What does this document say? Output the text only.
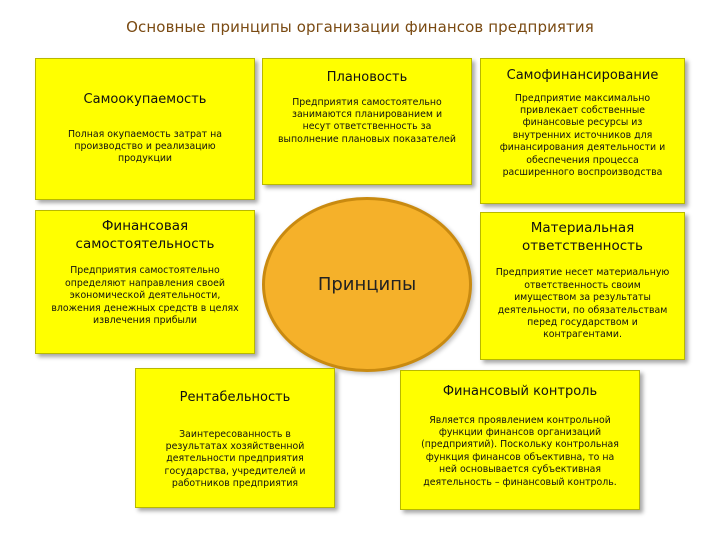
Основные принципы организации финансов предприятия
Самоокупаемость
Полная окупаемость затрат на производство и реализацию продукции
Плановость
Предприятия самостоятельно занимаются планированием и несут ответственность за выполнение плановых показателей
Самофинансирование
Предприятие максимально привлекает собственные финансовые ресурсы из внутренних источников для финансирования деятельности и обеспечения процесса расширенного воспроизводства
Финансовая самостоятельность
Предприятия самостоятельно определяют направления своей экономической деятельности, вложения денежных средств в целях извлечения прибыли
Принципы
Материальная ответственность
Предприятие несет материальную ответственность своим имуществом за результаты деятельности, по обязательствам перед государством и контрагентами.
Рентабельность
Заинтересованность в результатах хозяйственной деятельности предприятия государства, учредителей и работников предприятия
Финансовый контроль
Является проявлением контрольной функции финансов организаций (предприятий). Поскольку контрольная функция финансов объективна, то на ней основывается субъективная деятельность – финансовый контроль.
